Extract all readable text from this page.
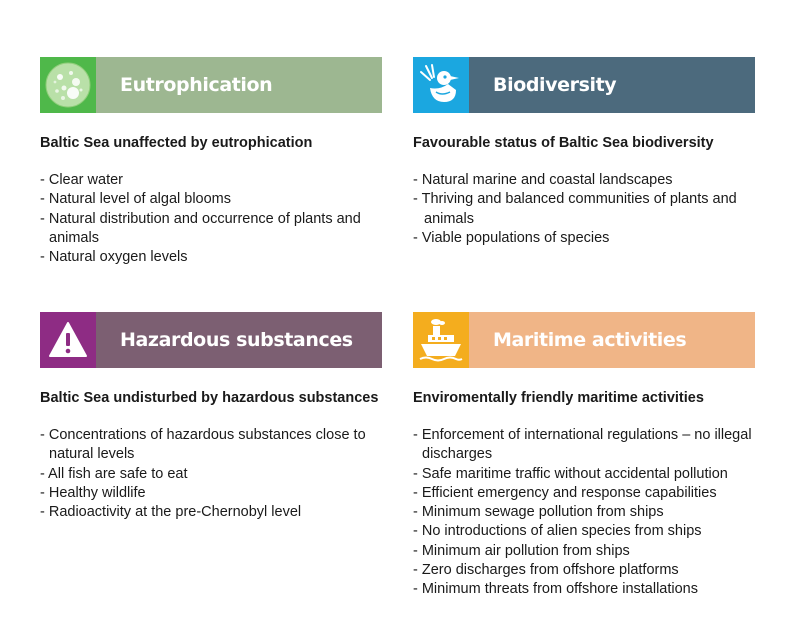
Eutrophication
Baltic Sea unaffected by eutrophication
- Clear water
- Natural level of algal blooms
- Natural distribution and occurrence of plants and animals
- Natural oxygen levels
Biodiversity
Favourable status of Baltic Sea biodiversity
- Natural marine and coastal landscapes
- Thriving and balanced communities of plants and animals
- Viable populations of species
Hazardous substances
Baltic Sea undisturbed by hazardous substances
- Concentrations of hazardous substances close to natural levels
- All fish are safe to eat
- Healthy wildlife
- Radioactivity at the pre-Chernobyl level
Maritime activities
Enviromentally friendly maritime activities
- Enforcement of international regulations – no illegal discharges
- Safe maritime traffic without accidental pollution
- Efficient emergency and response capabilities
- Minimum sewage pollution from ships
- No introductions of alien species from ships
- Minimum air pollution from ships
- Zero discharges from offshore platforms
- Minimum threats from offshore installations
